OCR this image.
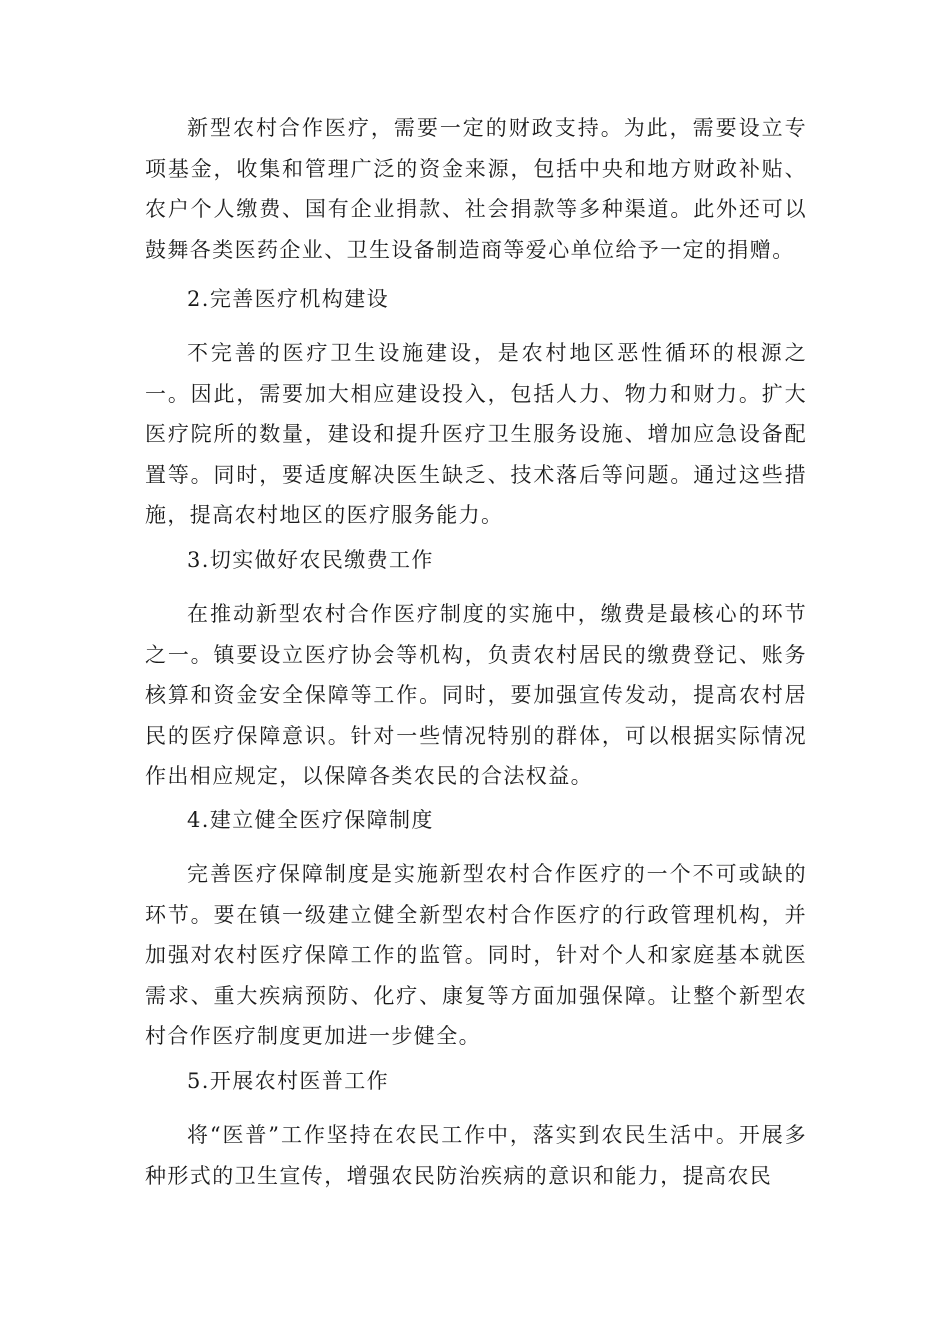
新型农村合作医疗，需要一定的财政支持。为此，需要设立专项基金，收集和管理广泛的资金来源，包括中央和地方财政补贴、农户个人缴费、国有企业捐款、社会捐款等多种渠道。此外还可以鼓舞各类医药企业、卫生设备制造商等爱心单位给予一定的捐赠。

2.完善医疗机构建设

不完善的医疗卫生设施建设，是农村地区恶性循环的根源之一。因此，需要加大相应建设投入，包括人力、物力和财力。扩大医疗院所的数量，建设和提升医疗卫生服务设施、增加应急设备配置等。同时，要适度解决医生缺乏、技术落后等问题。通过这些措施，提高农村地区的医疗服务能力。

3.切实做好农民缴费工作

在推动新型农村合作医疗制度的实施中，缴费是最核心的环节之一。镇要设立医疗协会等机构，负责农村居民的缴费登记、账务核算和资金安全保障等工作。同时，要加强宣传发动，提高农村居民的医疗保障意识。针对一些情况特别的群体，可以根据实际情况作出相应规定，以保障各类农民的合法权益。

4.建立健全医疗保障制度

完善医疗保障制度是实施新型农村合作医疗的一个不可或缺的环节。要在镇一级建立健全新型农村合作医疗的行政管理机构，并加强对农村医疗保障工作的监管。同时，针对个人和家庭基本就医需求、重大疾病预防、化疗、康复等方面加强保障。让整个新型农村合作医疗制度更加进一步健全。

5.开展农村医普工作

将“医普”工作坚持在农民工作中，落实到农民生活中。开展多种形式的卫生宣传，增强农民防治疾病的意识和能力，提高农民
